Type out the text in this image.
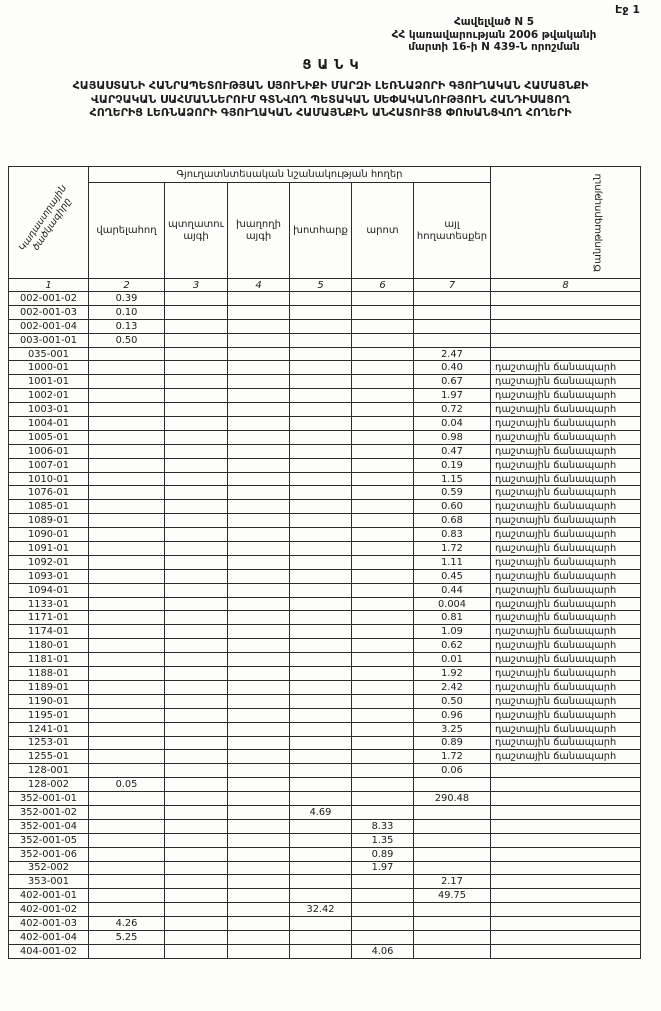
Էջ 1
Հավելված N 5
ՀՀ կառավարության 2006 թվականի
մարտի 16-ի N 439-Ն որոշման
ՑԱՆԿ
ՀԱՅԱՍՏԱՆԻ ՀԱՆՐԱՊԵՏՈՒԹՅԱՆ ՍՅՈՒՆԻՔԻ ՄԱՐԶԻ ԼԵՌՆԱՁՈՐԻ ԳՅՈՒՂԱԿԱՆ ՀԱՄԱՅՆՔԻ
ՎԱՐՉԱԿԱՆ ՍԱՀՄԱՆՆԵՐՈՒՄ ԳՏՆՎՈՂ ՊԵՏԱԿԱՆ ՍԵՓԱԿԱՆՈՒԹՅՈՒՆ ՀԱՆԴԻՍԱՑՈՂ
ՀՈՂԵՐԻՑ ԼԵՌՆԱՁՈՐԻ ԳՅՈՒՂԱԿԱՆ ՀԱՄԱՅՆՔԻՆ ԱՆՀԱՏՈՒՅՑ ՓՈԽԱՆՑՎՈՂ ՀՈՂԵՐԻ
Կադաստրային ծածկագիրը	Գյուղատնտեսական նշանակության հողեր						Ծանոթագրություն

	վարելահող	պտղատու այգի	խաղողի այգի	խոտհարք	արոտ	այլ հողատեսքեր	
1	2	3	4	5	6	7	8
002-001-02	0.39						
002-001-03	0.10						
002-001-04	0.13						
003-001-01	0.50						
035-001						2.47	
1000-01						0.40	դաշտային ճանապարհ
1001-01						0.67	դաշտային ճանապարհ
1002-01						1.97	դաշտային ճանապարհ
1003-01						0.72	դաշտային ճանապարհ
1004-01						0.04	դաշտային ճանապարհ
1005-01						0.98	դաշտային ճանապարհ
1006-01						0.47	դաշտային ճանապարհ
1007-01						0.19	դաշտային ճանապարհ
1010-01						1.15	դաշտային ճանապարհ
1076-01						0.59	դաշտային ճանապարհ
1085-01						0.60	դաշտային ճանապարհ
1089-01						0.68	դաշտային ճանապարհ
1090-01						0.83	դաշտային ճանապարհ
1091-01						1.72	դաշտային ճանապարհ
1092-01						1.11	դաշտային ճանապարհ
1093-01						0.45	դաշտային ճանապարհ
1094-01						0.44	դաշտային ճանապարհ
1133-01						0.004	դաշտային ճանապարհ
1171-01						0.81	դաշտային ճանապարհ
1174-01						1.09	դաշտային ճանապարհ
1180-01						0.62	դաշտային ճանապարհ
1181-01						0.01	դաշտային ճանապարհ
1188-01						1.92	դաշտային ճանապարհ
1189-01						2.42	դաշտային ճանապարհ
1190-01						0.50	դաշտային ճանապարհ
1195-01						0.96	դաշտային ճանապարհ
1241-01						3.25	դաշտային ճանապարհ
1253-01						0.89	դաշտային ճանապարհ
1255-01						1.72	դաշտային ճանապարհ
128-001						0.06	
128-002	0.05						
352-001-01						290.48	
352-001-02				4.69			
352-001-04					8.33		
352-001-05					1.35		
352-001-06					0.89		
352-002					1.97		
353-001						2.17	
402-001-01						49.75	
402-001-02				32.42			
402-001-03	4.26						
402-001-04	5.25						
404-001-02					4.06		
